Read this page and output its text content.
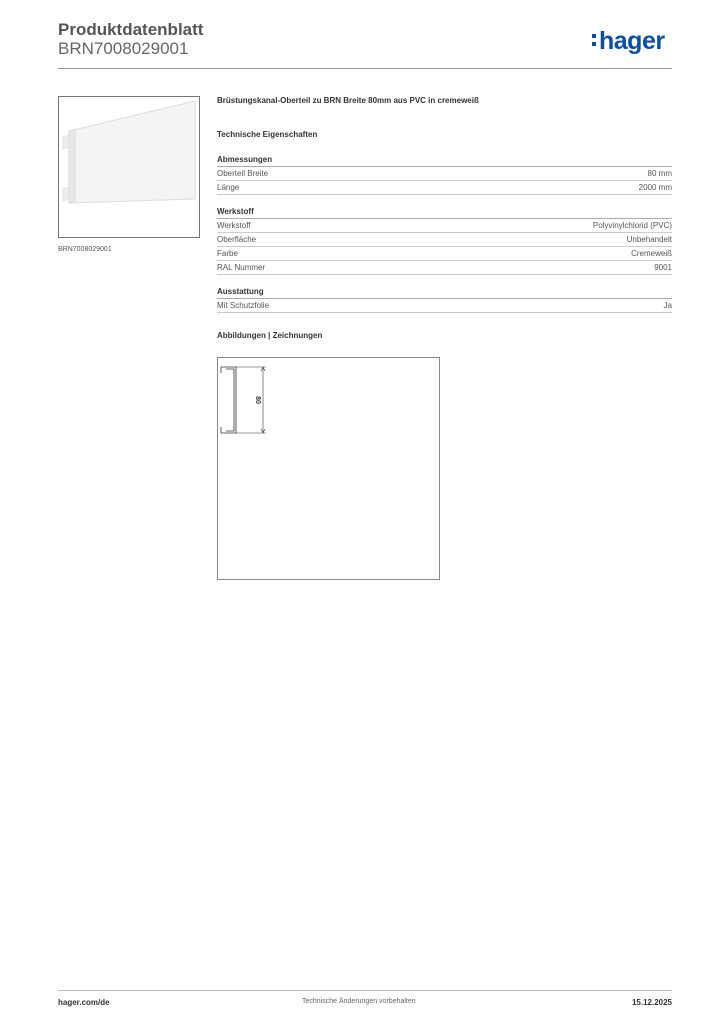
Produktdatenblatt
BRN7008029001	hager
BRN7008029001

Brüstungskanal-Oberteil zu BRN Breite 80mm aus PVC in cremeweiß

Technische Eigenschaften
Abmessungen
Oberteil Breite	80 mm
Länge	2000 mm
Werkstoff
Werkstoff	Polyvinylchlorid (PVC)
Oberfläche	Unbehandelt
Farbe	Cremeweiß
RAL Nummer	9001
Ausstattung
Mit Schutzfolie	Ja
Abbildungen | Zeichnungen
80
hager.com/de	Technische Änderungen vorbehalten	15.12.2025
